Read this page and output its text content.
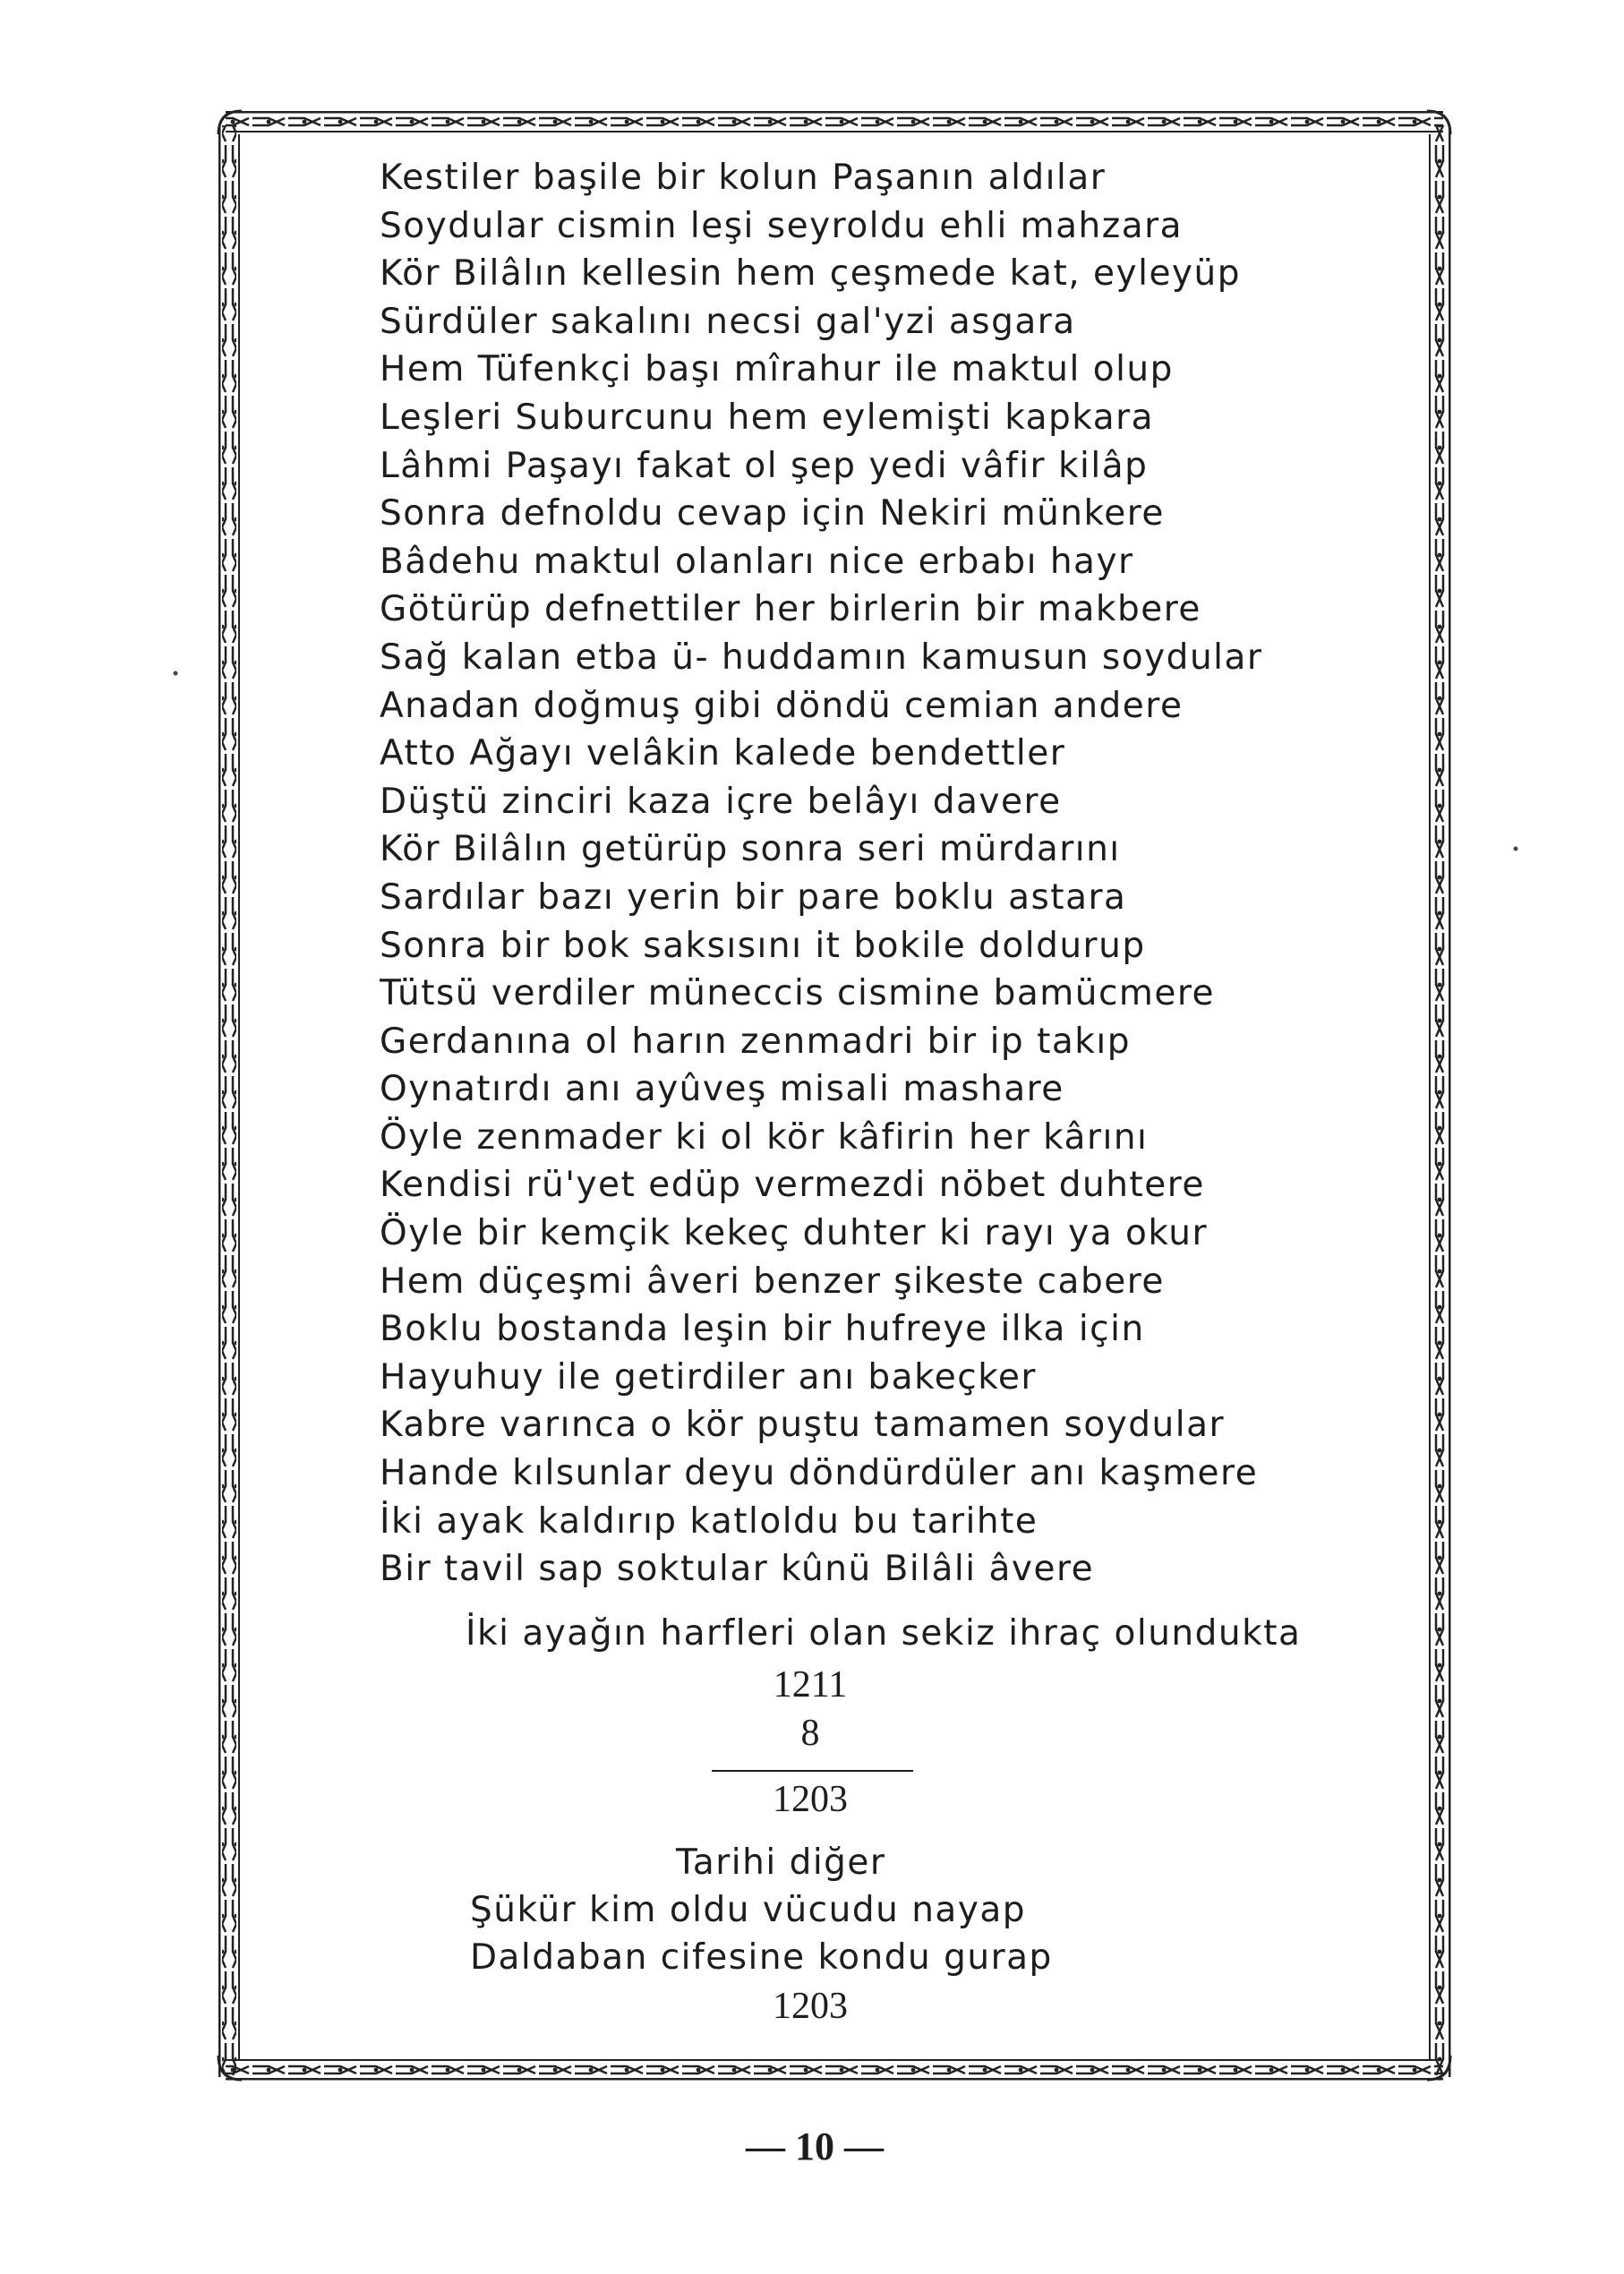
Kestiler başile bir kolun Paşanın aldılar
Soydular cismin leşi seyroldu ehli mahzara
Kör Bilâlın kellesin hem çeşmede kat, eyleyüp
Sürdüler sakalını necsi gal'yzi asgara
Hem Tüfenkçi başı mîrahur ile maktul olup
Leşleri Suburcunu hem eylemişti kapkara
Lâhmi Paşayı fakat ol şep yedi vâfir kilâp
Sonra defnoldu cevap için Nekiri münkere
Bâdehu maktul olanları nice erbabı hayr
Götürüp defnettiler her birlerin bir makbere
Sağ kalan etba ü- huddamın kamusun soydular
Anadan doğmuş gibi döndü cemian andere
Atto Ağayı velâkin kalede bendettler
Düştü zinciri kaza içre belâyı davere
Kör Bilâlın getürüp sonra seri mürdarını
Sardılar bazı yerin bir pare boklu astara
Sonra bir bok saksısını it bokile doldurup
Tütsü verdiler müneccis cismine bamücmere
Gerdanına ol harın zenmadri bir ip takıp
Oynatırdı anı ayûveş misali mashare
Öyle zenmader ki ol kör kâfirin her kârını
Kendisi rü'yet edüp vermezdi nöbet duhtere
Öyle bir kemçik kekeç duhter ki rayı ya okur
Hem düçeşmi âveri benzer şikeste cabere
Boklu bostanda leşin bir hufreye ilka için
Hayuhuy ile getirdiler anı bakeçker
Kabre varınca o kör puştu tamamen soydular
Hande kılsunlar deyu döndürdüler anı kaşmere
İki ayak kaldırıp katloldu bu tarihte
Bir tavil sap soktular kûnü Bilâli âvere
İki ayağın harfleri olan sekiz ihraç olundukta
1211
8
1203
Tarihi diğer
Şükür kim oldu vücudu nayap
Daldaban cifesine kondu gurap
1203
— 10 —
